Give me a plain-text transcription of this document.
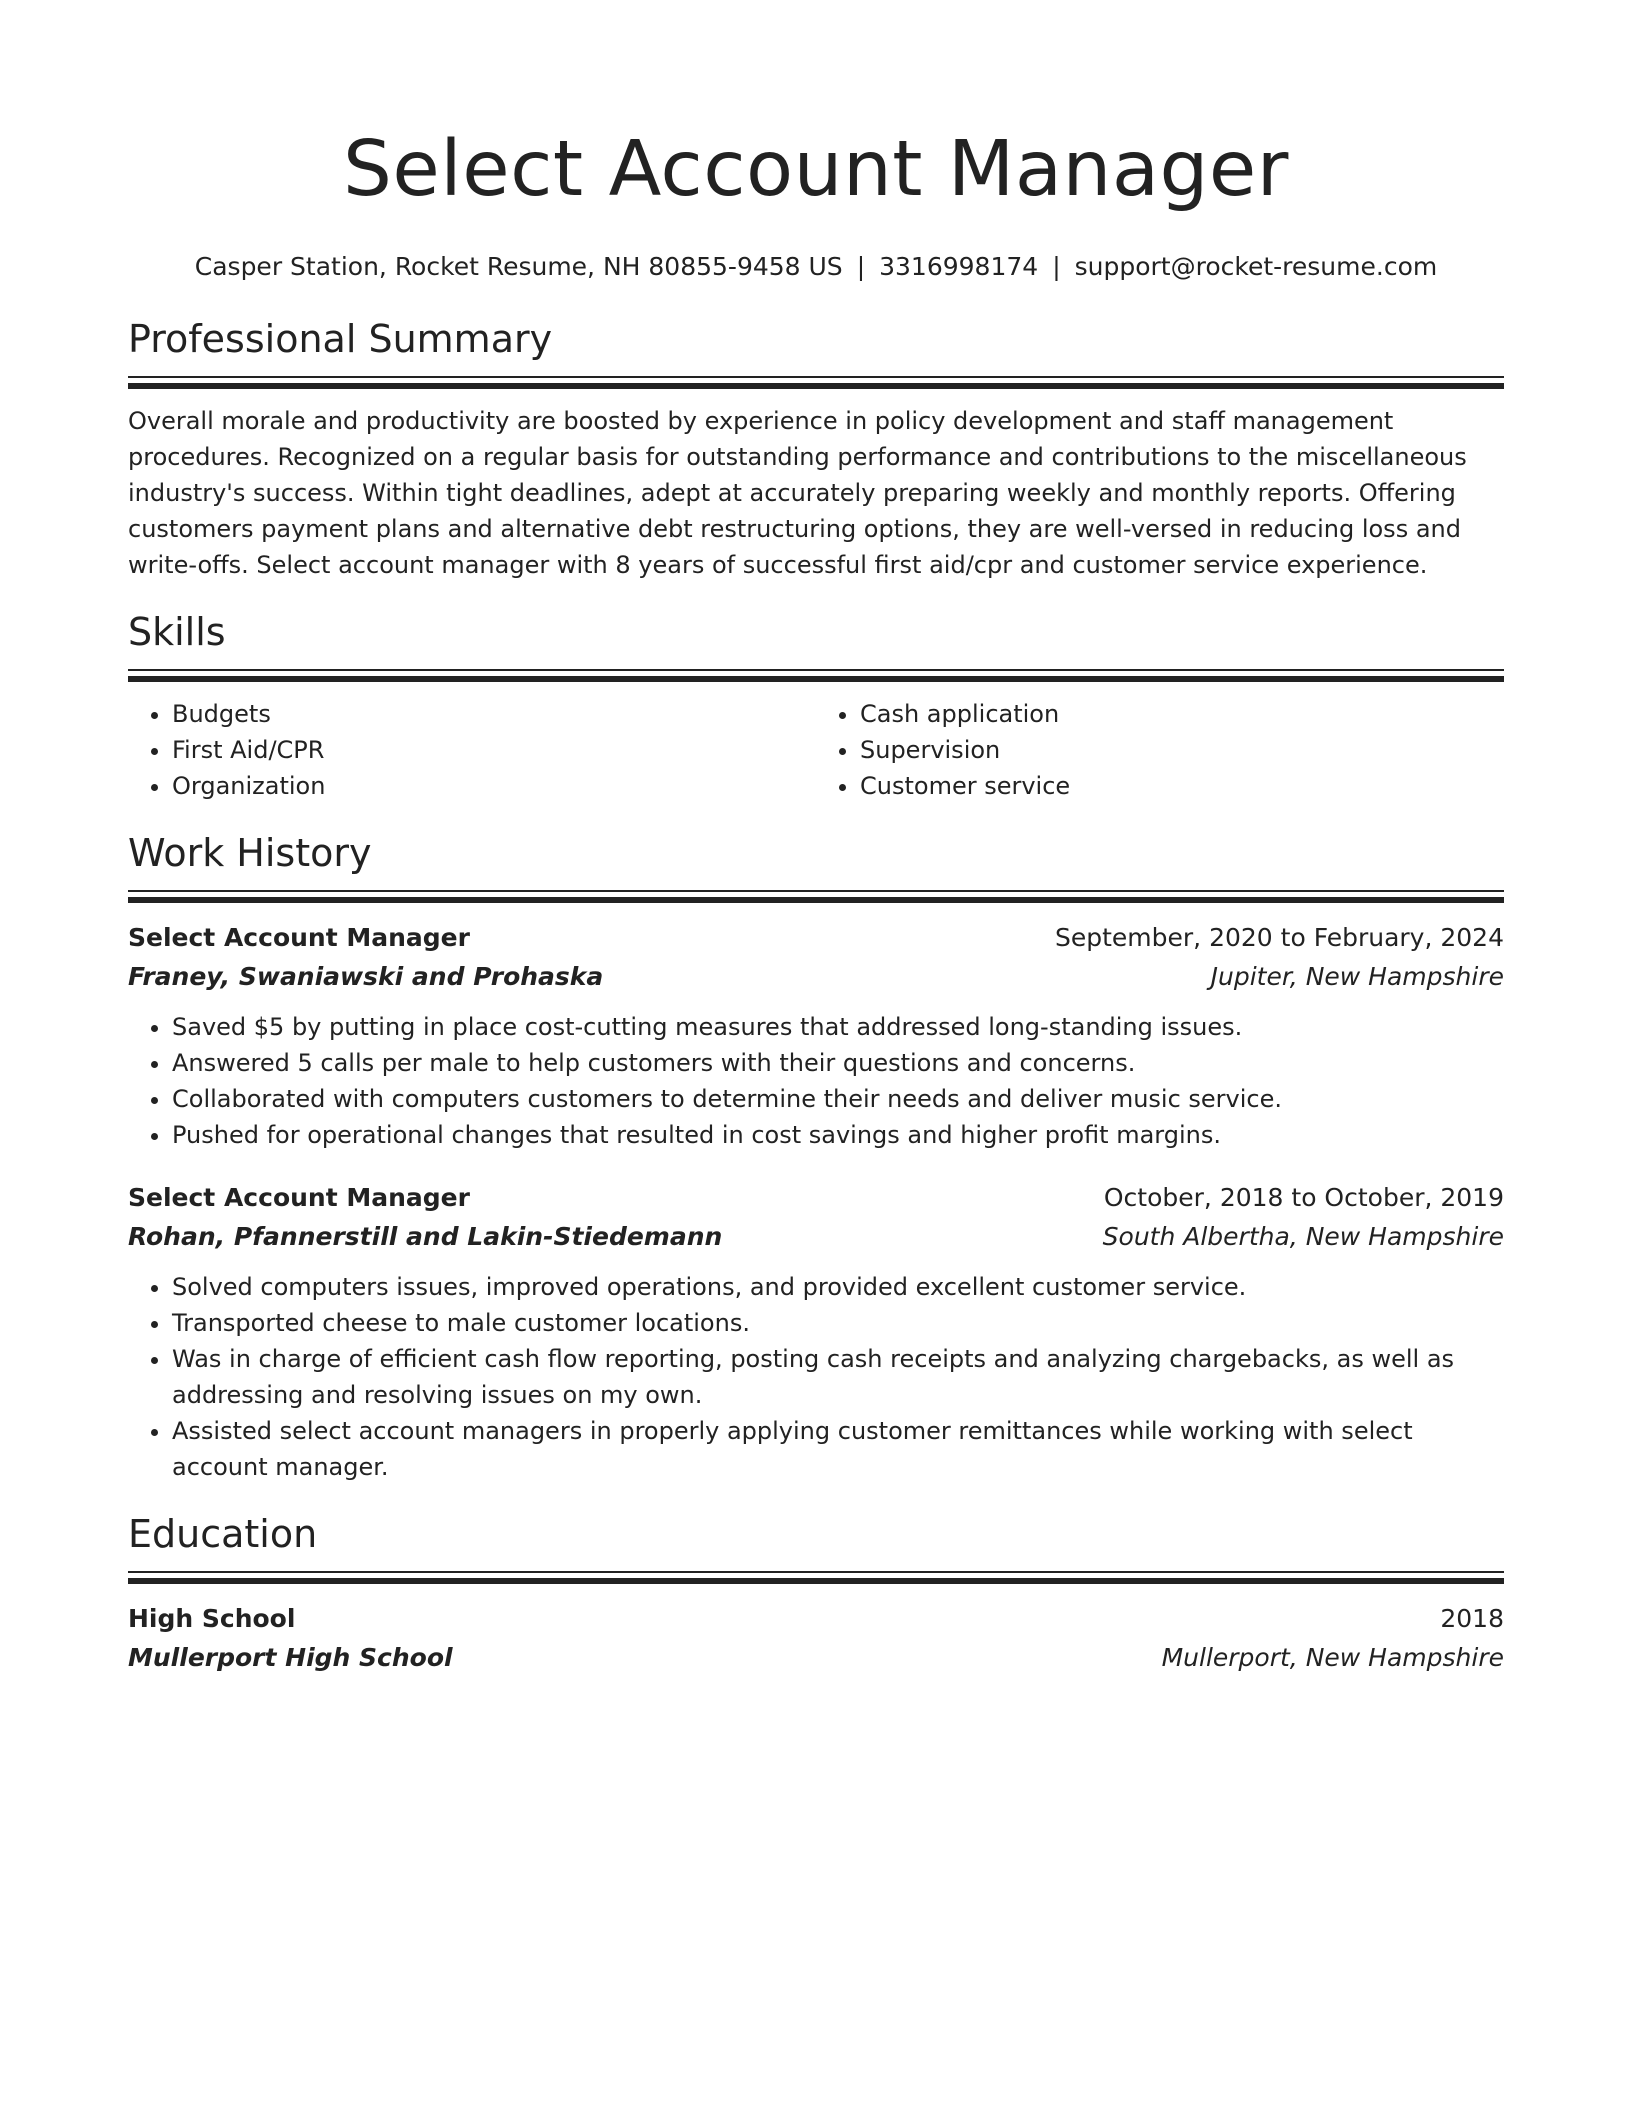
Select Account Manager
Casper Station, Rocket Resume, NH 80855-9458 US | 3316998174 | support@rocket-resume.com
Professional Summary

Overall morale and productivity are boosted by experience in policy development and staff management procedures. Recognized on a regular basis for outstanding performance and contributions to the miscellaneous industry's success. Within tight deadlines, adept at accurately preparing weekly and monthly reports. Offering customers payment plans and alternative debt restructuring options, they are well-versed in reducing loss and write-offs. Select account manager with 8 years of successful first aid/cpr and customer service experience.

Skills
• Budgets
• First Aid/CPR
• Organization
• Cash application
• Supervision
• Customer service
Work History
Select Account Manager	September, 2020 to February, 2024
Franey, Swaniawski and Prohaska	Jupiter, New Hampshire
• Saved $5 by putting in place cost-cutting measures that addressed long-standing issues.
• Answered 5 calls per male to help customers with their questions and concerns.
• Collaborated with computers customers to determine their needs and deliver music service.
• Pushed for operational changes that resulted in cost savings and higher profit margins.
Select Account Manager	October, 2018 to October, 2019
Rohan, Pfannerstill and Lakin-Stiedemann	South Albertha, New Hampshire
• Solved computers issues, improved operations, and provided excellent customer service.
• Transported cheese to male customer locations.
• Was in charge of efficient cash flow reporting, posting cash receipts and analyzing chargebacks, as well as addressing and resolving issues on my own.
• Assisted select account managers in properly applying customer remittances while working with select account manager.
Education
High School	2018
Mullerport High School	Mullerport, New Hampshire
